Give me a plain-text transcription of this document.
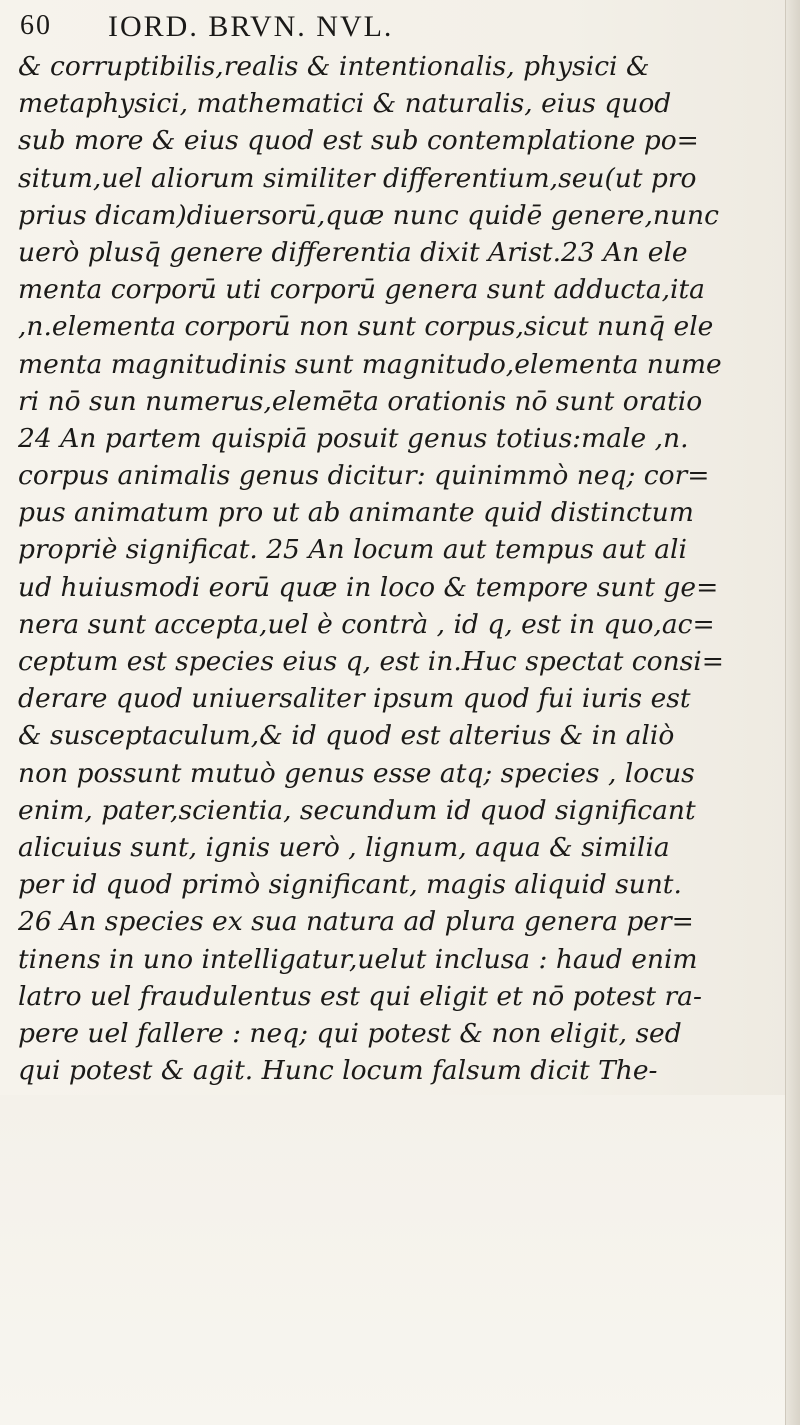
60 IORD. BRVN. NVL.
& corruptibilis,realis & intentionalis, physici &
metaphysici, mathematici & naturalis, eius quod
sub more & eius quod est sub contemplatione po=
situm,uel aliorum similiter differentium,seu(ut pro
prius dicam)diuersorū,quæ nunc quidē genere,nunc
uerò plusq̄ genere differentia dixit Arist.23 An ele
menta corporū uti corporū genera sunt adducta,ita
,n.elementa corporū non sunt corpus,sicut nunq̄ ele
menta magnitudinis sunt magnitudo,elementa nume
ri nō sun numerus,elemēta orationis nō sunt oratio
24 An partem quispiā posuit genus totius:male ,n.
corpus animalis genus dicitur: quinimmò neq; cor=
pus animatum pro ut ab animante quid distinctum
propriè significat. 25 An locum aut tempus aut ali
ud huiusmodi eorū quæ in loco & tempore sunt ge=
nera sunt accepta,uel è contrà , id q, est in quo,ac=
ceptum est species eius q, est in.Huc spectat consi=
derare quod uniuersaliter ipsum quod fui iuris est
& susceptaculum,& id quod est alterius & in aliò
non possunt mutuò genus esse atq; species , locus
enim, pater,scientia, secundum id quod significant
alicuius sunt, ignis uerò , lignum, aqua & similia
per id quod primò significant, magis aliquid sunt.
26 An species ex sua natura ad plura genera per=
tinens in uno intelligatur,uelut inclusa : haud enim
latro uel fraudulentus est qui eligit et nō potest ra-
pere uel fallere : neq; qui potest & non eligit, sed
qui potest & agit. Hunc locum falsum dicit The-
